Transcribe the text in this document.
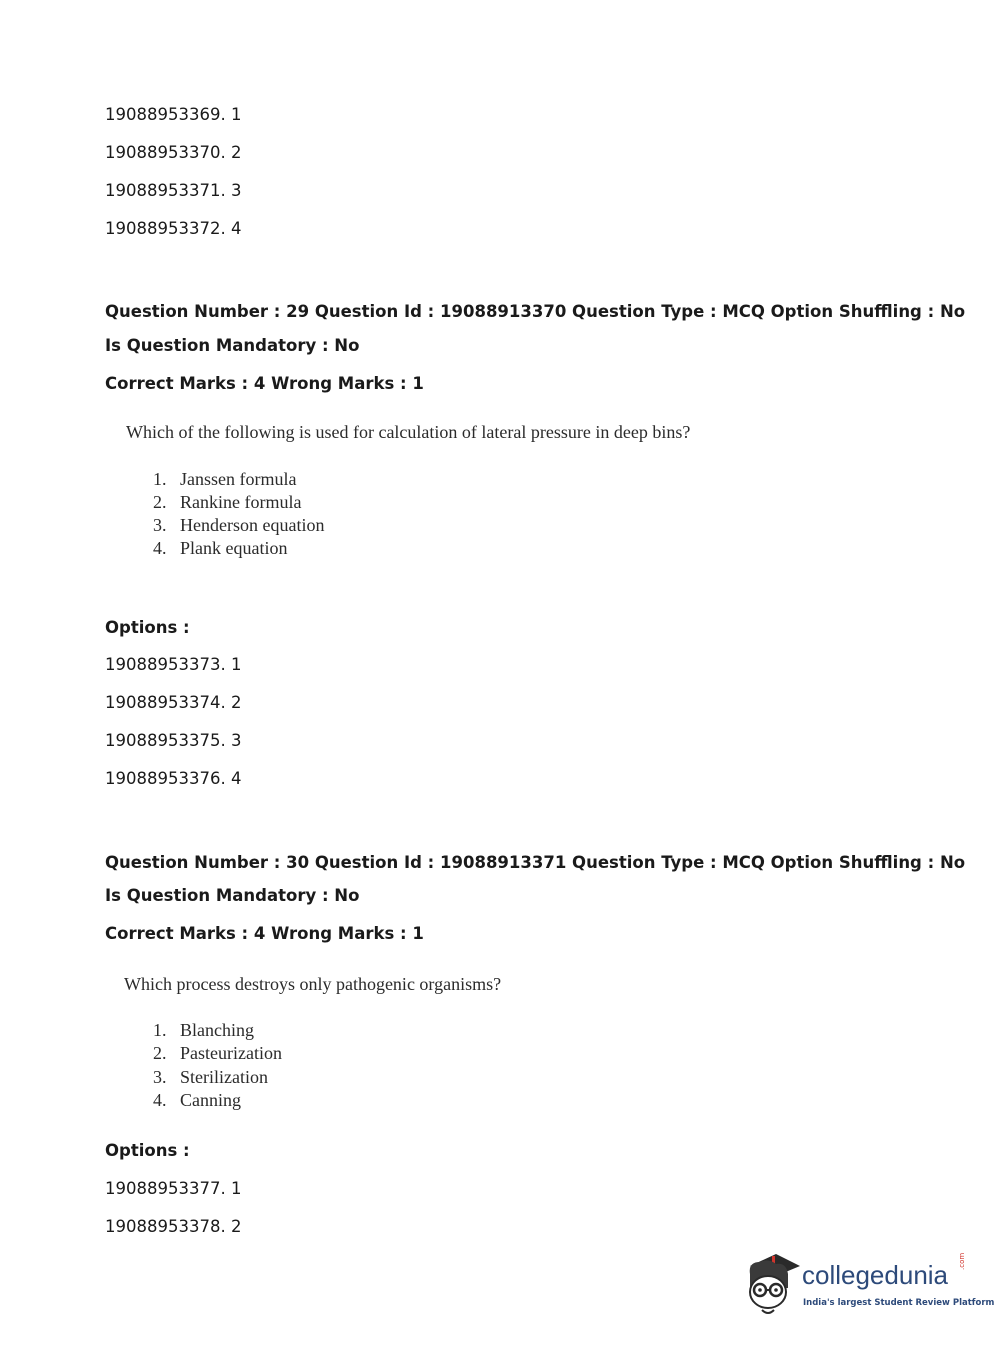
19088953369. 1
19088953370. 2
19088953371. 3
19088953372. 4
Question Number : 29 Question Id : 19088913370 Question Type : MCQ Option Shuffling : No
Is Question Mandatory : No
Correct Marks : 4 Wrong Marks : 1
Which of the following is used for calculation of lateral pressure in deep bins?
1. Janssen formula
2. Rankine formula
3. Henderson equation
4. Plank equation
Options :
19088953373. 1
19088953374. 2
19088953375. 3
19088953376. 4
Question Number : 30 Question Id : 19088913371 Question Type : MCQ Option Shuffling : No
Is Question Mandatory : No
Correct Marks : 4 Wrong Marks : 1
Which process destroys only pathogenic organisms?
1. Blanching
2. Pasteurization
3. Sterilization
4. Canning
Options :
19088953377. 1
19088953378. 2
collegedunia .com
India's largest Student Review Platform
